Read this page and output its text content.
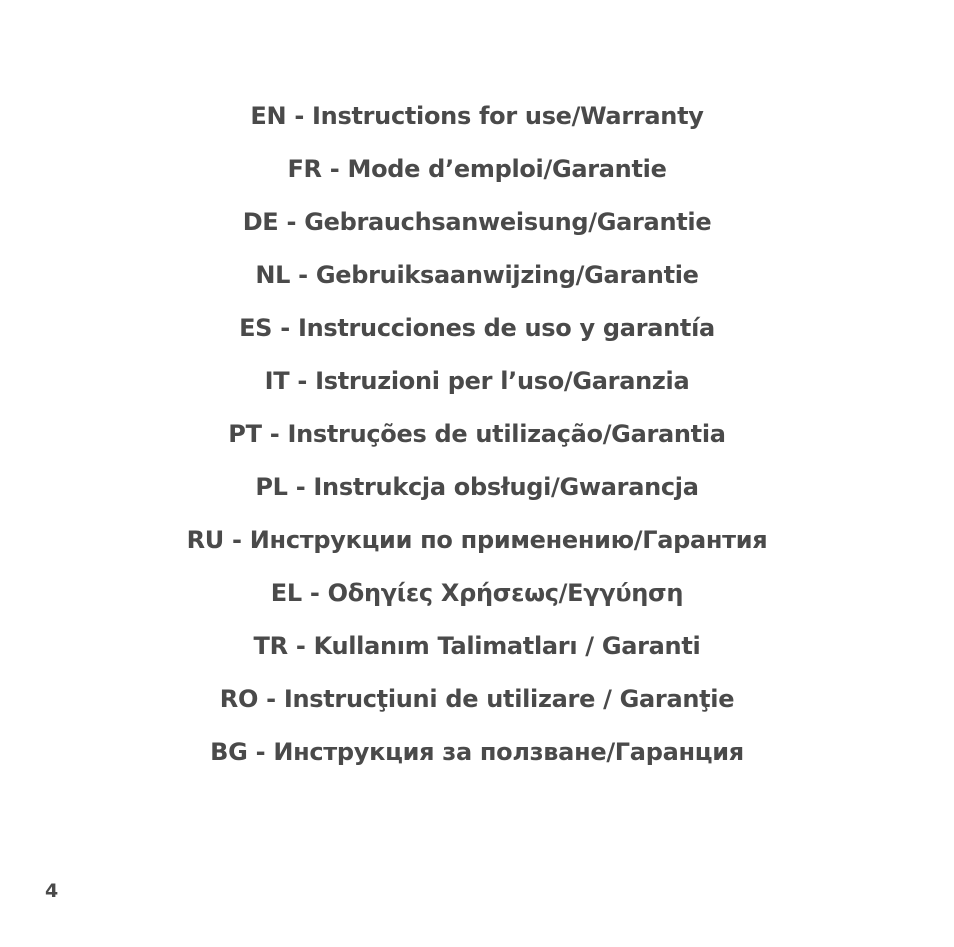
EN - Instructions for use/Warranty
FR - Mode d’emploi/Garantie
DE - Gebrauchsanweisung/Garantie
NL - Gebruiksaanwijzing/Garantie
ES - Instrucciones de uso y garantía
IT - Istruzioni per l’uso/Garanzia
PT - Instruções de utilização/Garantia
PL - Instrukcja obsługi/Gwarancja
RU - Инструкции по применению/Гарантия
EL - Οδηγίες Χρήσεως/Εγγύηση
TR - Kullanım Talimatları / Garanti
RO - Instrucţiuni de utilizare / Garanţie
BG - Инструкция за ползване/Гаранция
4
